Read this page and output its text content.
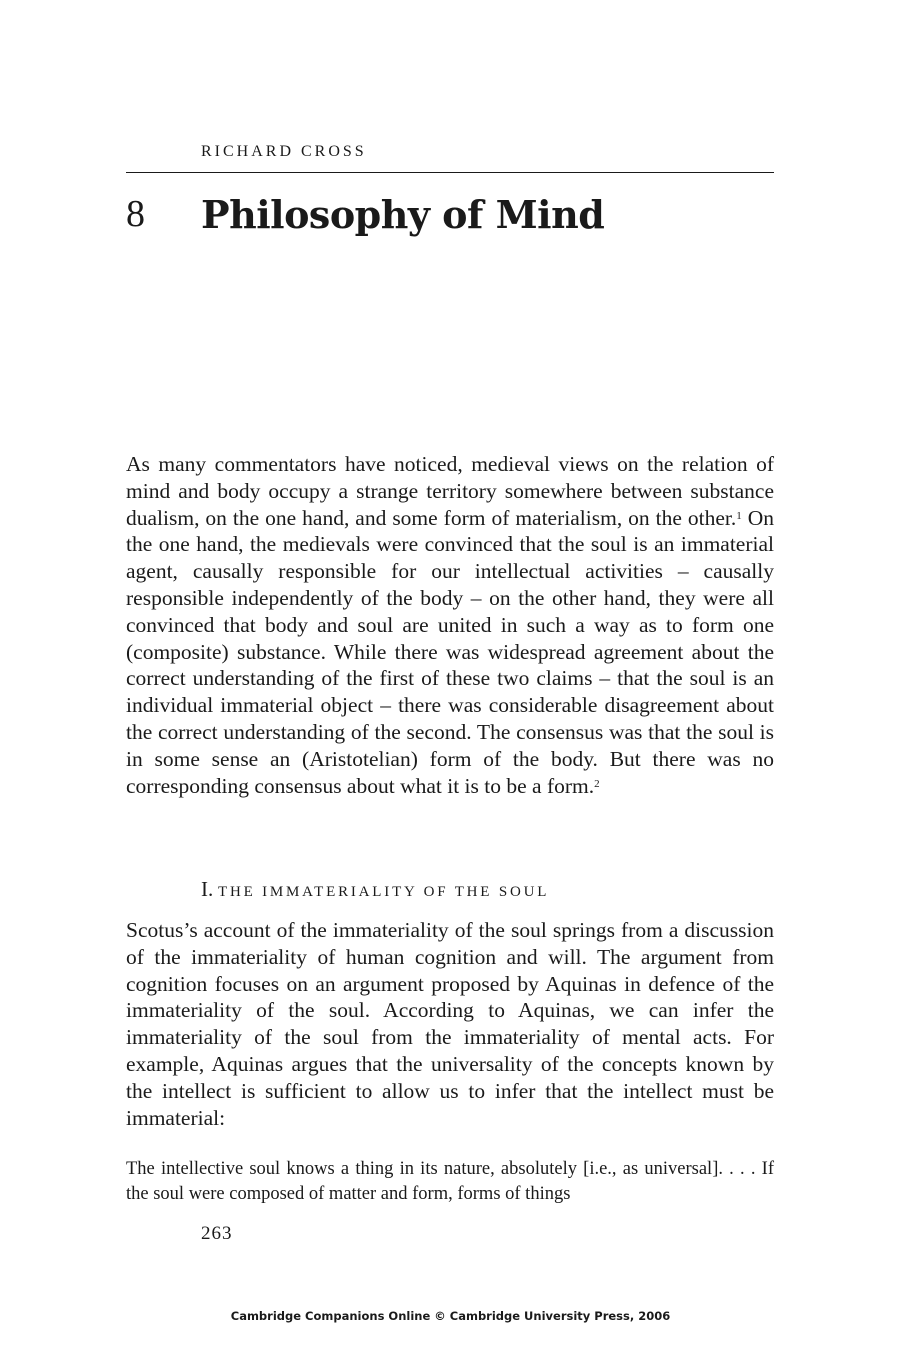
RICHARD CROSS
8 Philosophy of Mind
As many commentators have noticed, medieval views on the relation of mind and body occupy a strange territory somewhere between substance dualism, on the one hand, and some form of materialism, on the other.$^1$ On the one hand, the medievals were convinced that the soul is an immaterial agent, causally responsible for our intellectual activities – causally responsible independently of the body – on the other hand, they were all convinced that body and soul are united in such a way as to form one (composite) substance. While there was widespread agreement about the correct understanding of the first of these two claims – that the soul is an individual immaterial object – there was considerable disagreement about the correct understanding of the second. The consensus was that the soul is in some sense an (Aristotelian) form of the body. But there was no corresponding consensus about what it is to be a form.$^2$
I. THE IMMATERIALITY OF THE SOUL
Scotus’s account of the immateriality of the soul springs from a discussion of the immateriality of human cognition and will. The argument from cognition focuses on an argument proposed by Aquinas in defence of the immateriality of the soul. According to Aquinas, we can infer the immateriality of the soul from the immateriality of mental acts. For example, Aquinas argues that the universality of the concepts known by the intellect is sufficient to allow us to infer that the intellect must be immaterial:
The intellective soul knows a thing in its nature, absolutely [i.e., as universal]. . . . If the soul were composed of matter and form, forms of things
263
Cambridge Companions Online © Cambridge University Press, 2006
